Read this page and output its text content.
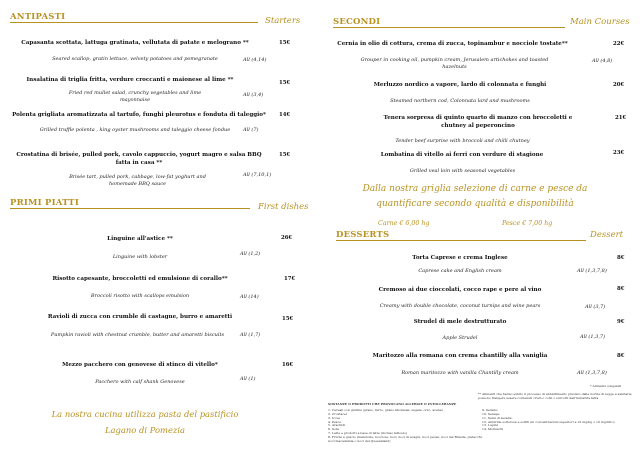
ANTIPASTI	Starters
Capasanta scottata, lattuga gratinata, vellutata di patate e melograno **
Seared scallop, gratin lettuce, velvety potatoes and pomegranate
15€
All (4,14)
Insalatina di triglia fritta, verdure croccanti e maionese al lime **
Fried red mullet salad, crunchy vegetables and lime mayonnaise
15€
All (3,4)
Polenta grigliata aromatizzata al tartufo, funghi pleurotus e fonduta di taleggio*
Grilled truffle polenta , king oyster mushrooms and taleggio cheese fondue
14€
All (7)
Crostatina di brisée, pulled pork, cavolo cappuccio, yogurt magro e salsa BBQ fatta in casa **
Brisée tart, pulled pork, cabbage, low-fat yoghurt and homemade BBQ sauce
15€
All (7,10,1)
PRIMI PIATTI	First dishes
Linguine all'astice **
Linguine with lobster
26€
All (1,2)
Risotto capesante, broccoletti ed emulsione di corallo**
Broccoli risotto with scallops emulsion
17€
All (14)
Ravioli di zucca con crumble di castagne, burro e amaretti
Pumpkin ravioli with chestnut crumble, butter and amaretti biscuits
15€
All (1,7)
Mezzo pacchero con genovese di stinco di vitello*
Pacchero with calf shank Genovese
16€
All (1)
La nostra cucina utilizza pasta del pastificio
Lagano di Pomezia
SECONDI	Main Courses
Cernia in olio di cottura, crema di zucca, topinambur e nocciole tostate**
Grouper in cooking oil, pumpkin cream, Jerusalem artichokes and toasted hazelnuts
22€
All (4,8)
Merluzzo nordico a vapore, lardo di colonnata e funghi
Steamed northern cod, Colonnata lard and mushrooms
20€
Tenera sorpresa di quinto quarto di manzo con broccoletti e chutney al peperoncino
Tender beef surprise with broccoli and chilli chutney
21€
Lombatina di vitello ai ferri con verdure di stagione
Grilled veal loin with seasonal vegetables
23€
Dalla nostra griglia selezione di carne e pesce da
quantificare secondo qualità e disponibilità
Carne € 6,00 hg	Pesce € 7,00 hg
DESSERTS	Dessert
Torta Caprese e crema Inglese
Caprese cake and English cream
8€
All (1,3,7,8)
Cremoso ai due cioccolati, cocco rape e pere al vino
Creamy with double chocolate, coconut turnips and wine pears
8€
All (3,7)
Strudel di mele destrutturato
Apple Strudel
9€
All (1,3,7)
Maritozzo alla romana con crema chantilly alla vaniglia
Roman maritozzo with vanilla Chantilly cream
8€
All (1,3,7,8)
* Alimenti congelati
** Alimenti che hanno subito il processo di abbattimento previsto dalle norme di legge a sanitarie, possono frangere essere contenuti crudi o cotti o surcotti dall'industria fatta
SOSTANZE O PRODOTTI CHE PROVOCANO ALLERGIE O INTOLLERANZE
1. Cereali con glutine (grano, farro, grano khorasan, segale, orzo, avena)
2. Crostacei
3. Uova
4. Pesce
5. Arachidi
6. Soia
7. Latte e prodotti a base di latte (incluso lattosio)
8. Frutta a guscio (mandorle, nocciole, noci, noci di acagiù, noci pecan, noci del Brasile, pistacchi, noci macadamia o noci del Queensland)
9. Sedano
10. Senape
11. Semi di sesamo
12. Anidride solforosa e solfiti (in concentrazioni superiori a 10 mg/kg o 10 mg/litro)
13. Lupini
14. Molluschi
